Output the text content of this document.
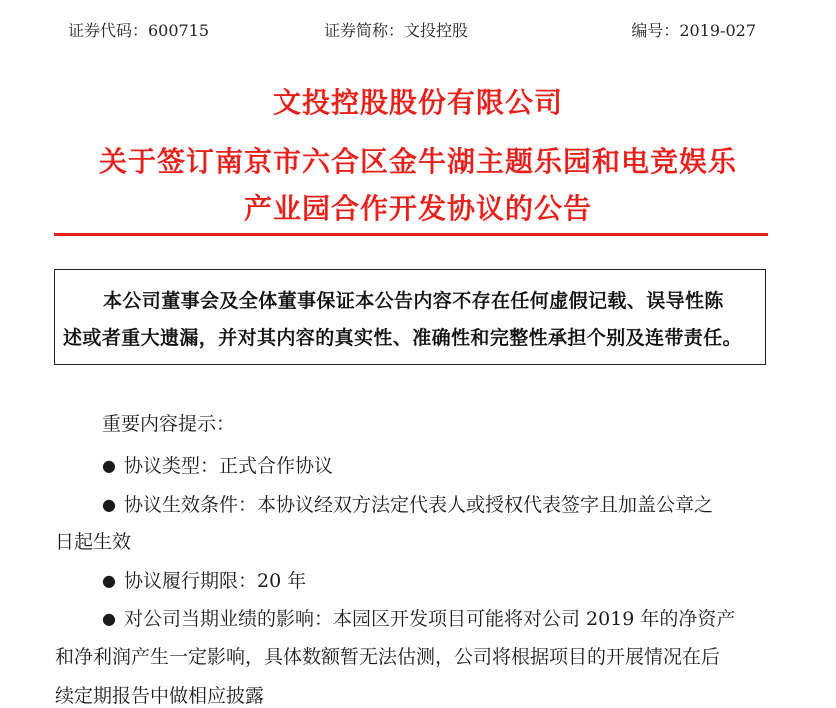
证券代码：600715	证券简称：文投控股	编号：2019-027
文投控股股份有限公司
关于签订南京市六合区金牛湖主题乐园和电竞娱乐
产业园合作开发协议的公告
本公司董事会及全体董事保证本公告内容不存在任何虚假记载、误导性陈
述或者重大遗漏，并对其内容的真实性、准确性和完整性承担个别及连带责任。
重要内容提示：
● 协议类型：正式合作协议
● 协议生效条件：本协议经双方法定代表人或授权代表签字且加盖公章之
日起生效
● 协议履行期限：20 年
● 对公司当期业绩的影响：本园区开发项目可能将对公司 2019 年的净资产
和净利润产生一定影响，具体数额暂无法估测，公司将根据项目的开展情况在后
续定期报告中做相应披露
